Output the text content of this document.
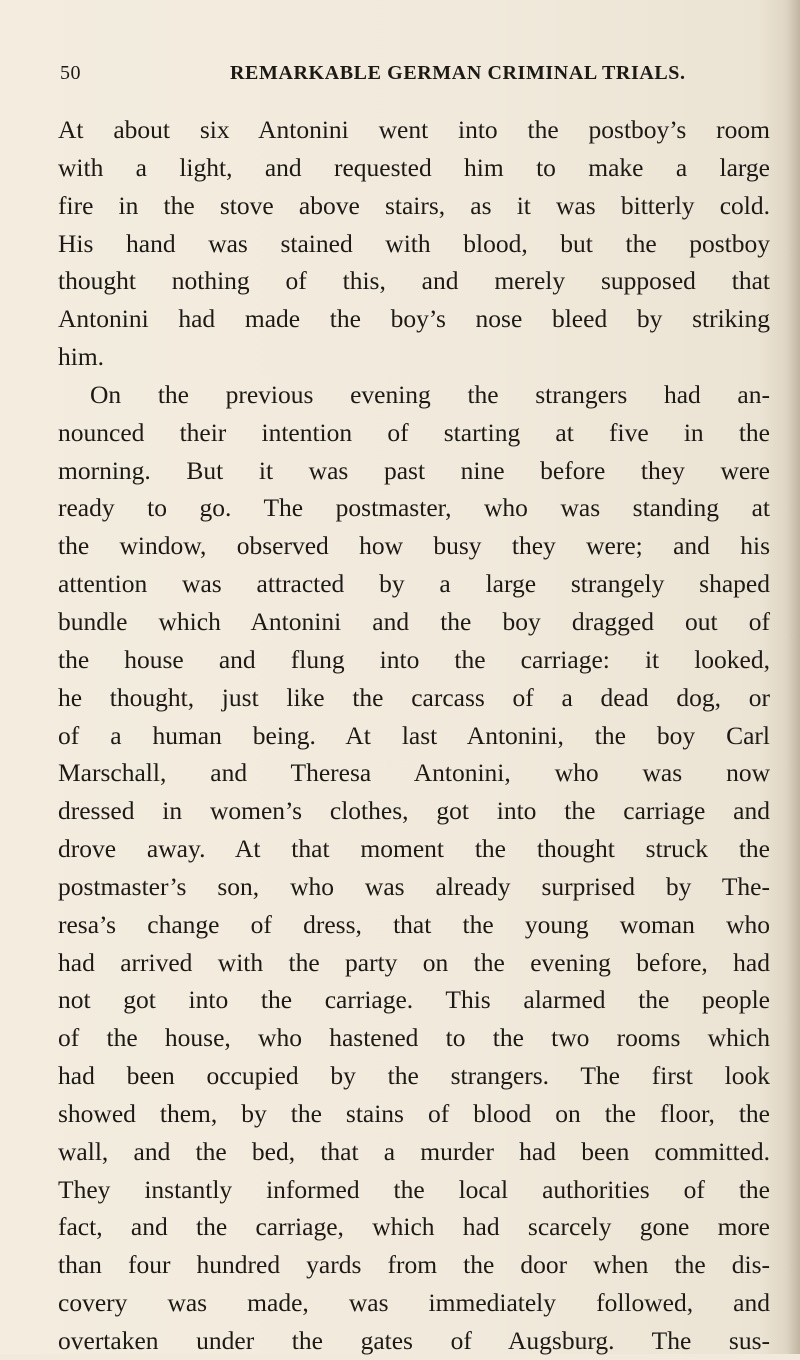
50	REMARKABLE GERMAN CRIMINAL TRIALS.
At about six Antonini went into the postboy’s room
with a light, and requested him to make a large
fire in the stove above stairs, as it was bitterly cold.
His hand was stained with blood, but the postboy
thought nothing of this, and merely supposed that
Antonini had made the boy’s nose bleed by striking
him.
On the previous evening the strangers had an-
nounced their intention of starting at five in the
morning. But it was past nine before they were
ready to go. The postmaster, who was standing at
the window, observed how busy they were; and his
attention was attracted by a large strangely shaped
bundle which Antonini and the boy dragged out of
the house and flung into the carriage: it looked,
he thought, just like the carcass of a dead dog, or
of a human being. At last Antonini, the boy Carl
Marschall, and Theresa Antonini, who was now
dressed in women’s clothes, got into the carriage and
drove away. At that moment the thought struck the
postmaster’s son, who was already surprised by The-
resa’s change of dress, that the young woman who
had arrived with the party on the evening before, had
not got into the carriage. This alarmed the people
of the house, who hastened to the two rooms which
had been occupied by the strangers. The first look
showed them, by the stains of blood on the floor, the
wall, and the bed, that a murder had been committed.
They instantly informed the local authorities of the
fact, and the carriage, which had scarcely gone more
than four hundred yards from the door when the dis-
covery was made, was immediately followed, and
overtaken under the gates of Augsburg. The sus-
